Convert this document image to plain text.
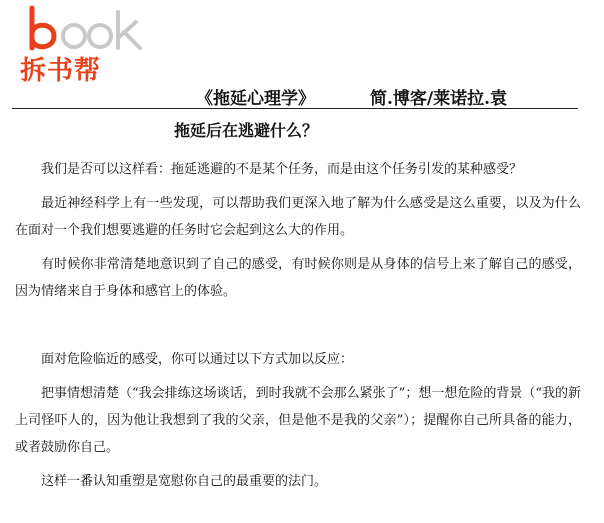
拆书帮
《拖延心理学》	简.博客/莱诺拉.袁
拖延后在逃避什么？

我们是否可以这样看：拖延逃避的不是某个任务，而是由这个任务引发的某种感受？

最近神经科学上有一些发现，可以帮助我们更深入地了解为什么感受是这么重要，以及为什么在面对一个我们想要逃避的任务时它会起到这么大的作用。

有时候你非常清楚地意识到了自己的感受，有时候你则是从身体的信号上来了解自己的感受，因为情绪来自于身体和感官上的体验。

面对危险临近的感受，你可以通过以下方式加以反应：

把事情想清楚（“我会排练这场谈话，到时我就不会那么紧张了”；想一想危险的背景（“我的新上司怪吓人的，因为他让我想到了我的父亲，但是他不是我的父亲”）；提醒你自己所具备的能力，或者鼓励你自己。

这样一番认知重塑是宽慰你自己的最重要的法门。
